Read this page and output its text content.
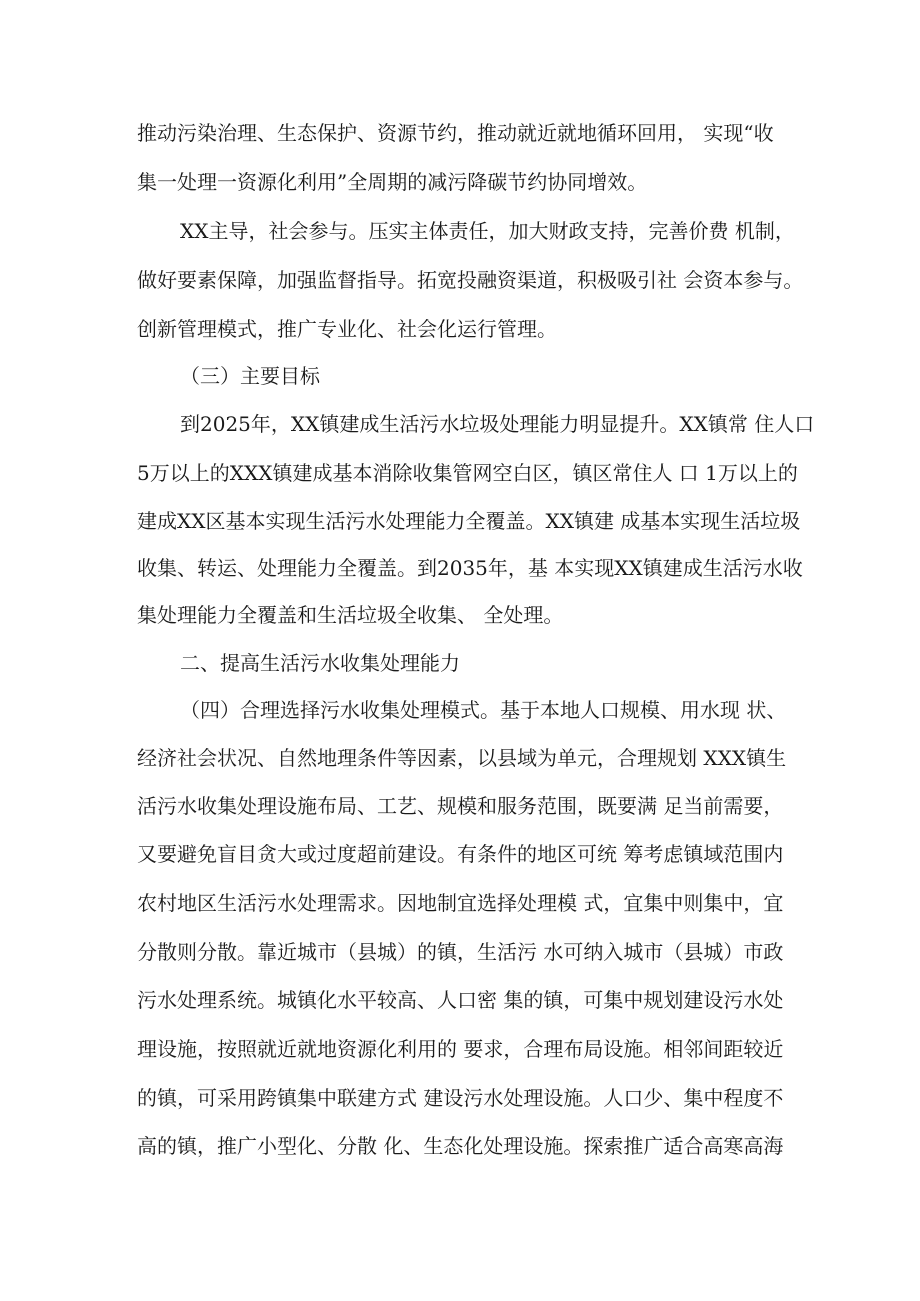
推动污染治理、生态保护、资源节约，推动就近就地循环回用， 实现“收
集一处理一资源化利用”全周期的减污降碳节约协同增效。
XX主导，社会参与。压实主体责任，加大财政支持，完善价费 机制，
做好要素保障，加强监督指导。拓宽投融资渠道，积极吸引社 会资本参与。
创新管理模式，推广专业化、社会化运行管理。
（三）主要目标
到2025年，XX镇建成生活污水垃圾处理能力明显提升。XX镇常 住人口
5万以上的XXX镇建成基本消除收集管网空白区，镇区常住人 口 1万以上的
建成XX区基本实现生活污水处理能力全覆盖。XX镇建 成基本实现生活垃圾
收集、转运、处理能力全覆盖。到2035年，基 本实现XX镇建成生活污水收
集处理能力全覆盖和生活垃圾全收集、 全处理。
二、提高生活污水收集处理能力
（四）合理选择污水收集处理模式。基于本地人口规模、用水现 状、
经济社会状况、自然地理条件等因素，以县域为单元，合理规划 XXX镇生
活污水收集处理设施布局、工艺、规模和服务范围，既要满 足当前需要，
又要避免盲目贪大或过度超前建设。有条件的地区可统 筹考虑镇域范围内
农村地区生活污水处理需求。因地制宜选择处理模 式，宜集中则集中，宜
分散则分散。靠近城市（县城）的镇，生活污 水可纳入城市（县城）市政
污水处理系统。城镇化水平较高、人口密 集的镇，可集中规划建设污水处
理设施，按照就近就地资源化利用的 要求，合理布局设施。相邻间距较近
的镇，可采用跨镇集中联建方式 建设污水处理设施。人口少、集中程度不
高的镇，推广小型化、分散 化、生态化处理设施。探索推广适合高寒高海
